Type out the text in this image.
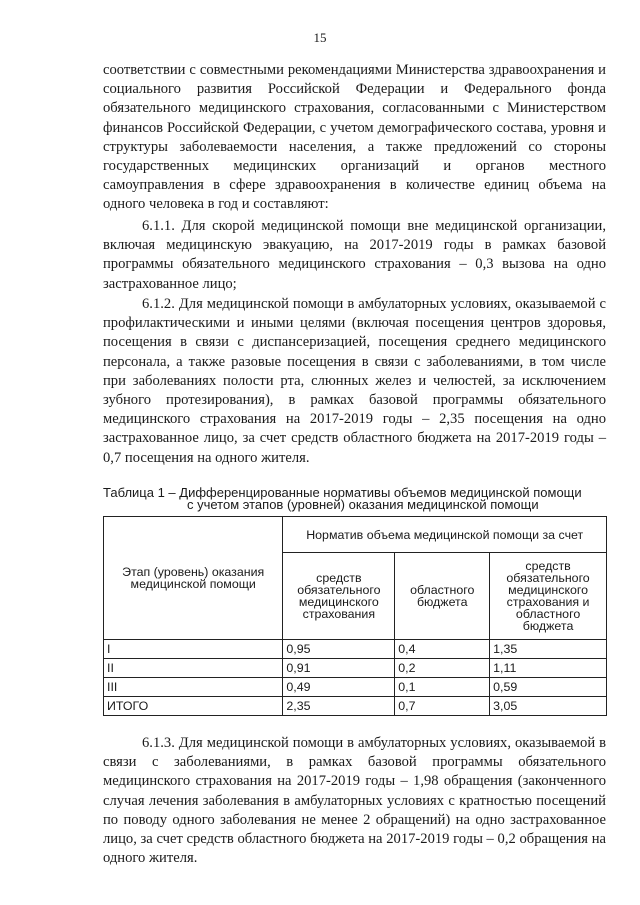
15

соответствии с совместными рекомендациями Министерства здравоохранения и социального развития Российской Федерации и Федерального фонда обязательного медицинского страхования, согласованными с Министерством финансов Российской Федерации, с учетом демографического состава, уровня и структуры заболеваемости населения, а также предложений со стороны государственных медицинских организаций и органов местного самоуправления в сфере здравоохранения в количестве единиц объема на одного человека в год и составляют:

6.1.1. Для скорой медицинской помощи вне медицинской организации, включая медицинскую эвакуацию, на 2017-2019 годы в рамках базовой программы обязательного медицинского страхования – 0,3 вызова на одно застрахованное лицо;

6.1.2. Для медицинской помощи в амбулаторных условиях, оказываемой с профилактическими и иными целями (включая посещения центров здоровья, посещения в связи с диспансеризацией, посещения среднего медицинского персонала, а также разовые посещения в связи с заболеваниями, в том числе при заболеваниях полости рта, слюнных желез и челюстей, за исключением зубного протезирования), в рамках базовой программы обязательного медицинского страхования на 2017-2019 годы – 2,35 посещения на одно застрахованное лицо, за счет средств областного бюджета на 2017-2019 годы – 0,7 посещения на одного жителя.

Таблица 1 – Дифференцированные нормативы объемов медицинской помощи
с учетом этапов (уровней) оказания медицинской помощи
Этап (уровень) оказания медицинской помощи	Норматив объема медицинской помощи за счет		
	средств обязательного медицинского страхования	областного бюджета	средств обязательного медицинского страхования и областного бюджета
I	0,95	0,4	1,35
II	0,91	0,2	1,11
III	0,49	0,1	0,59
ИТОГО	2,35	0,7	3,05

6.1.3. Для медицинской помощи в амбулаторных условиях, оказываемой в связи с заболеваниями, в рамках базовой программы обязательного медицинского страхования на 2017-2019 годы – 1,98 обращения (законченного случая лечения заболевания в амбулаторных условиях с кратностью посещений по поводу одного заболевания не менее 2 обращений) на одно застрахованное лицо, за счет средств областного бюджета на 2017-2019 годы – 0,2 обращения на одного жителя.
